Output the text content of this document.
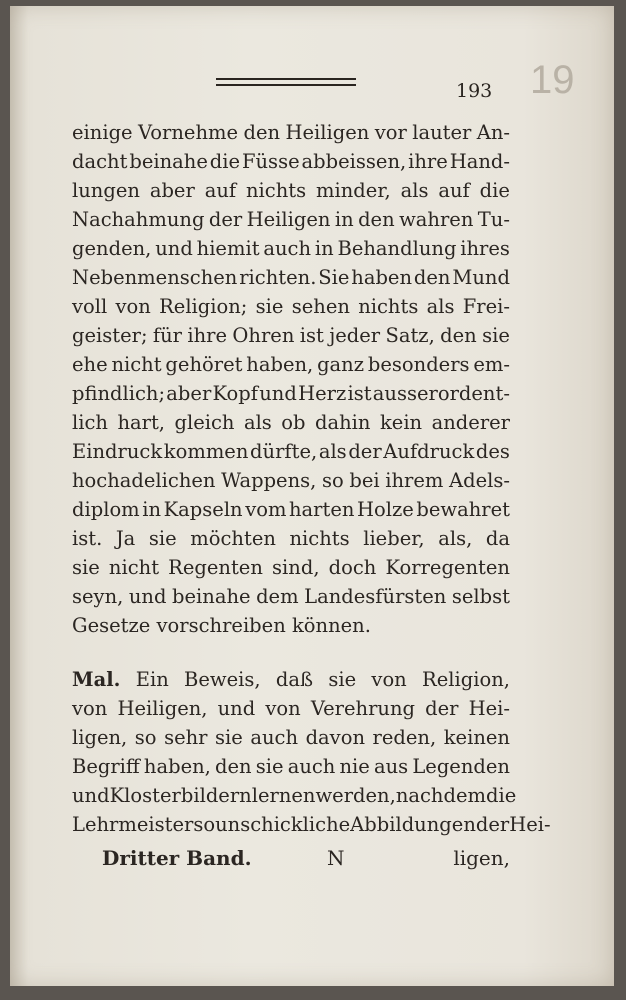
193 19
einige Vornehme den Heiligen vor lauter An-
dacht beinahe die Füsse abbeissen, ihre Hand-
lungen aber auf nichts minder, als auf die
Nachahmung der Heiligen in den wahren Tu-
genden, und hiemit auch in Behandlung ihres
Nebenmenschen richten. Sie haben den Mund
voll von Religion; sie sehen nichts als Frei-
geister; für ihre Ohren ist jeder Satz, den sie
ehe nicht gehöret haben, ganz besonders em-
pfindlich; aber Kopf und Herz ist ausserordent-
lich hart, gleich als ob dahin kein anderer
Eindruck kommen dürfte, als der Aufdruck des
hochadelichen Wappens, so bei ihrem Adels-
diplom in Kapseln vom harten Holze bewahret
ist. Ja sie möchten nichts lieber, als, da
sie nicht Regenten sind, doch Korregenten
seyn, und beinahe dem Landesfürsten selbst
Gesetze vorschreiben können.
Mal. Ein Beweis, daß sie von Religion,
von Heiligen, und von Verehrung der Hei-
ligen, so sehr sie auch davon reden, keinen
Begriff haben, den sie auch nie aus Legenden
und Klosterbildern lernen werden, nachdem die
Lehrmeister so unschickliche Abbildungen der Hei-
Dritter Band.	N	ligen,
